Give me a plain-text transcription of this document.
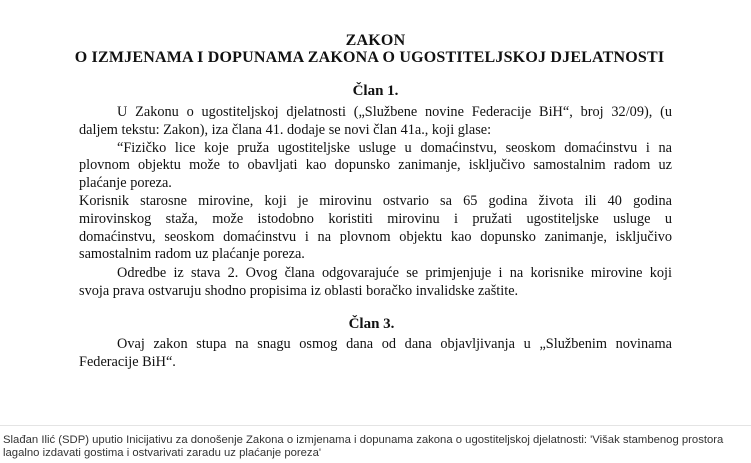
ZAKON
O IZMJENAMA I DOPUNAMA ZAKONA O UGOSTITELJSKOJ DJELATNOSTI
Član 1.
U Zakonu o ugostiteljskoj djelatnosti („Službene novine Federacije BiH“, broj 32/09), (u
daljem tekstu: Zakon), iza člana 41. dodaje se novi član 41a., koji glase:
“Fizičko lice koje pruža ugostiteljske usluge u domaćinstvu, seoskom domaćinstvu i na
plovnom objektu može to obavljati kao dopunsko zanimanje, isključivo samostalnim radom uz
plaćanje poreza.
Korisnik starosne mirovine, koji je mirovinu ostvario sa 65 godina života ili 40 godina
mirovinskog staža, može istodobno koristiti mirovinu i pružati ugostiteljske usluge u
domaćinstvu, seoskom domaćinstvu i na plovnom objektu kao dopunsko zanimanje, isključivo
samostalnim radom uz plaćanje poreza.
Odredbe iz stava 2. Ovog člana odgovarajuće se primjenjuje i na korisnike mirovine koji
svoja prava ostvaruju shodno propisima iz oblasti boračko invalidske zaštite.
Član 3.
Ovaj zakon stupa na snagu osmog dana od dana objavljivanja u „Službenim novinama
Federacije BiH“.
Slađan Ilić (SDP) uputio Inicijativu za donošenje Zakona o izmjenama i dopunama zakona o ugostiteljskoj djelatnosti: 'Višak stambenog prostora lagalno izdavati gostima i ostvarivati zaradu uz plaćanje poreza'
